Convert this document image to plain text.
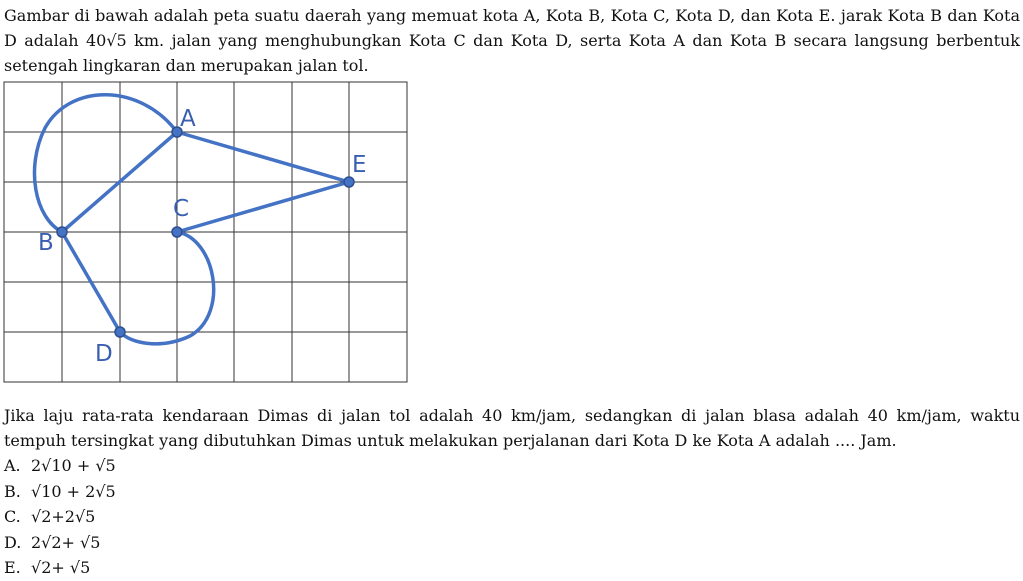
Gambar di bawah adalah peta suatu daerah yang memuat kota A, Kota B, Kota C, Kota D, dan Kota E. jarak Kota B dan Kota D adalah 40√5 km. jalan yang menghubungkan Kota C dan Kota D, serta Kota A dan Kota B secara langsung berbentuk setengah lingkaran dan merupakan jalan tol.

A
B
C
D
E

Jika laju rata-rata kendaraan Dimas di jalan tol adalah 40 km/jam, sedangkan di jalan blasa adalah 40 km/jam, waktu tempuh tersingkat yang dibutuhkan Dimas untuk melakukan perjalanan dari Kota D ke Kota A adalah .... Jam.

A. 2√10 + √5
B. √10 + 2√5
C. √2+2√5
D. 2√2+ √5
E. √2+ √5
